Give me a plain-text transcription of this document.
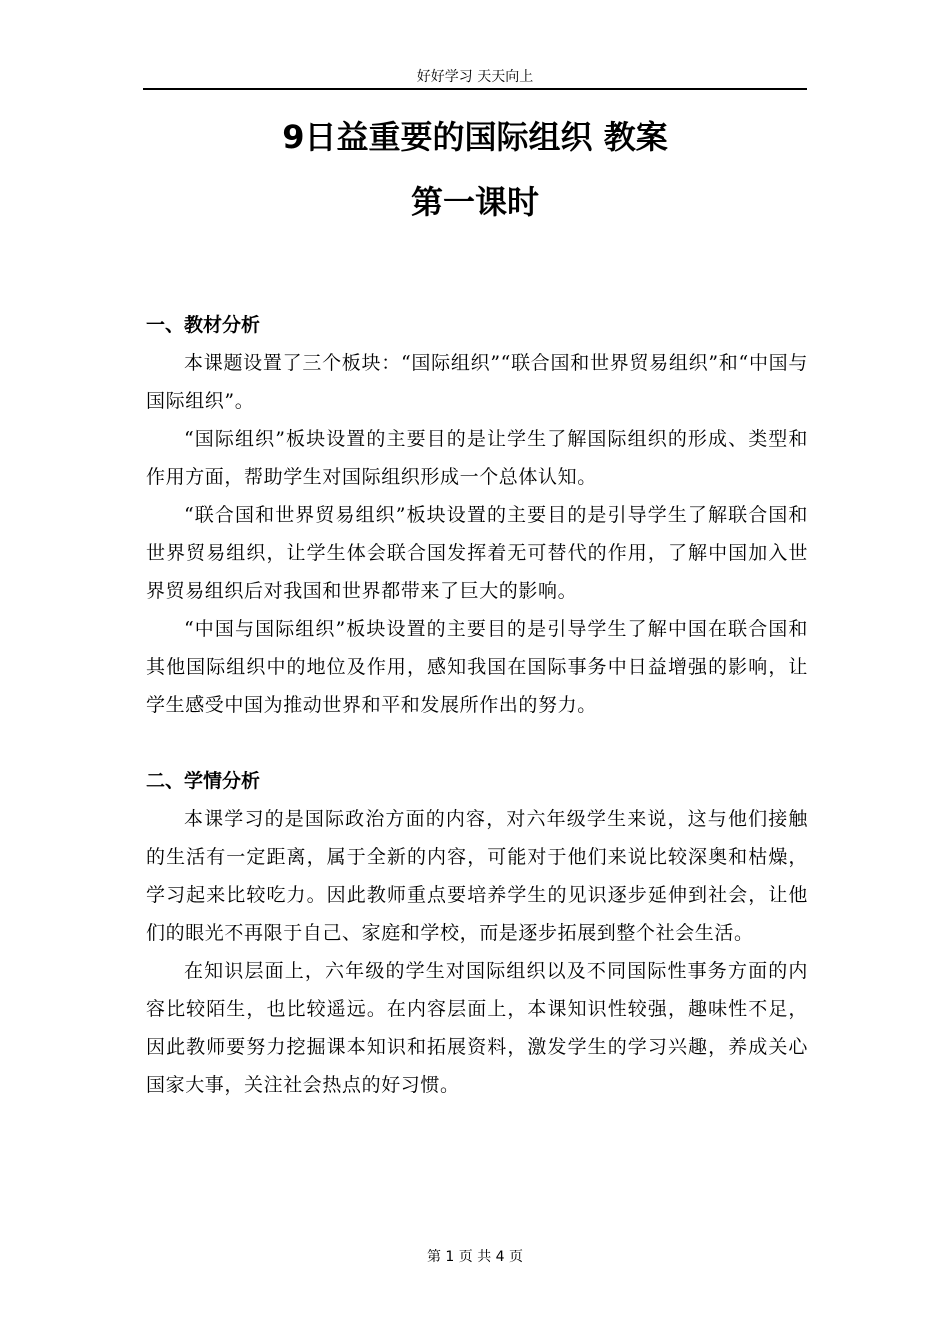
好好学习 天天向上
9日益重要的国际组织 教案
第一课时

一、教材分析

本课题设置了三个板块：“国际组织”“联合国和世界贸易组织”和“中国与国际组织”。

“国际组织”板块设置的主要目的是让学生了解国际组织的形成、类型和作用方面，帮助学生对国际组织形成一个总体认知。

“联合国和世界贸易组织”板块设置的主要目的是引导学生了解联合国和世界贸易组织，让学生体会联合国发挥着无可替代的作用，了解中国加入世界贸易组织后对我国和世界都带来了巨大的影响。

“中国与国际组织”板块设置的主要目的是引导学生了解中国在联合国和其他国际组织中的地位及作用，感知我国在国际事务中日益增强的影响，让学生感受中国为推动世界和平和发展所作出的努力。

二、学情分析

本课学习的是国际政治方面的内容，对六年级学生来说，这与他们接触的生活有一定距离，属于全新的内容，可能对于他们来说比较深奥和枯燥，学习起来比较吃力。因此教师重点要培养学生的见识逐步延伸到社会，让他们的眼光不再限于自己、家庭和学校，而是逐步拓展到整个社会生活。

在知识层面上，六年级的学生对国际组织以及不同国际性事务方面的内容比较陌生，也比较遥远。在内容层面上，本课知识性较强，趣味性不足，因此教师要努力挖掘课本知识和拓展资料，激发学生的学习兴趣，养成关心国家大事，关注社会热点的好习惯。

第 1 页 共 4 页
